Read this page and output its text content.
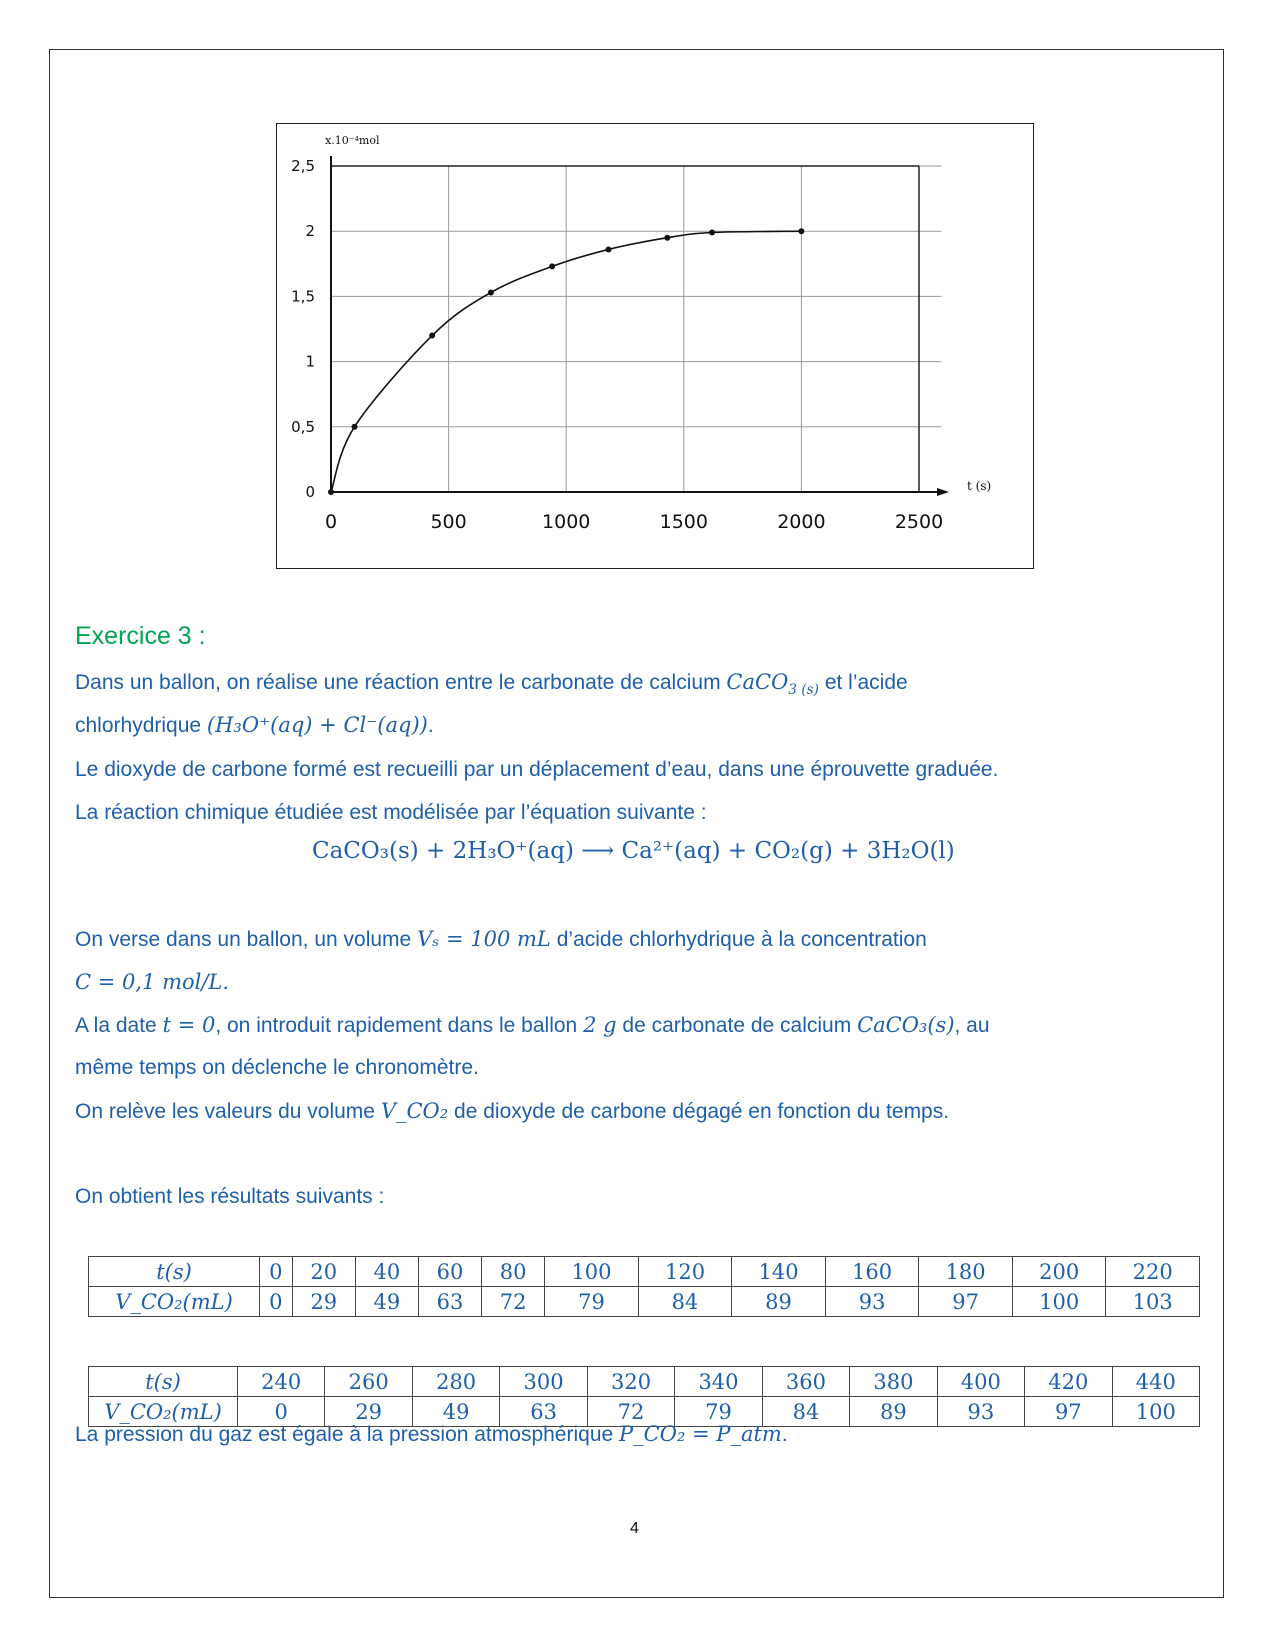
0	500	1000	1500	2000	2500
0
0,5
1
1,5
2
2,5
x.10⁻⁴mol
t (s)
Exercice 3 :
Dans un ballon, on réalise une réaction entre le carbonate de calcium CaCO$_{3 (s)}$ et l’acide
chlorhydrique (H₃O⁺(aq) + Cl⁻(aq)).
Le dioxyde de carbone formé est recueilli par un déplacement d’eau, dans une éprouvette graduée.
La réaction chimique étudiée est modélisée par l’équation suivante :
CaCO₃(s) + 2H₃O⁺(aq) ⟶ Ca²⁺(aq) + CO₂(g) + 3H₂O(l)
On verse dans un ballon, un volume Vₛ = 100 mL d’acide chlorhydrique à la concentration
C = 0,1 mol/L.
A la date t = 0, on introduit rapidement dans le ballon 2 g de carbonate de calcium CaCO₃(s), au
même temps on déclenche le chronomètre.
On relève les valeurs du volume V_CO₂ de dioxyde de carbone dégagé en fonction du temps.
On obtient les résultats suivants :
t(s)	0	20	40	60	80	100	120	140	160	180	200	220
V_CO₂(mL)	0	29	49	63	72	79	84	89	93	97	100	103
t(s)	240	260	280	300	320	340	360	380	400	420	440
V_CO₂(mL)	0	29	49	63	72	79	84	89	93	97	100
La pression du gaz est égale à la pression atmosphérique P_CO₂ = P_atm.
4
